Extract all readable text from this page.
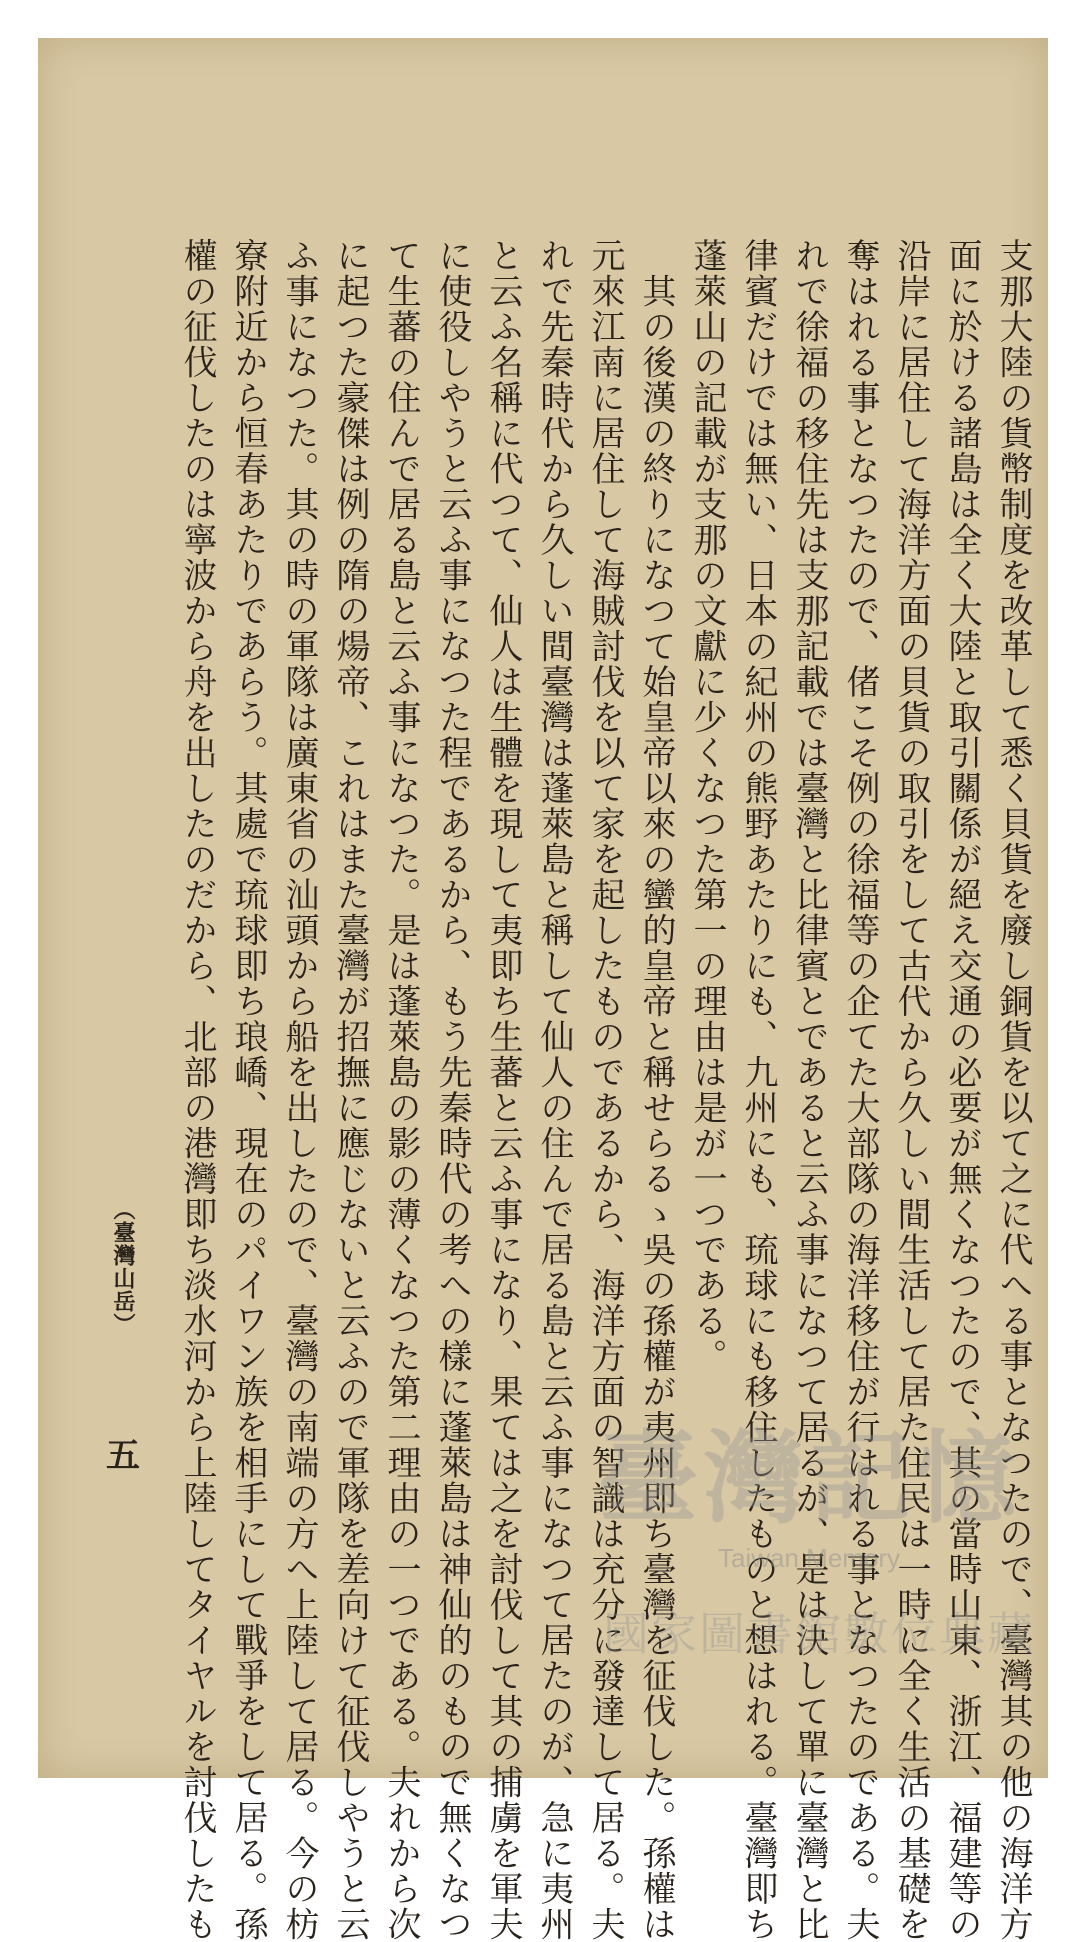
支那大陸の貨幣制度を改革して悉く貝貨を廢し銅貨を以て之に代へる事となつたので、臺灣其の他の海洋方
面に於ける諸島は全く大陸と取引關係が絕え交通の必要が無くなつたので、其の當時山東、浙江、福建等の
沿岸に居住して海洋方面の貝貨の取引をして古代から久しい間生活して居た住民は一時に全く生活の基礎を
奪はれる事となつたので、偖こそ例の徐福等の企てた大部隊の海洋移住が行はれる事となつたのである。夫
れで徐福の移住先は支那記載では臺灣と比律賓とであると云ふ事になつて居るが、是は決して單に臺灣と比
律賓だけでは無い、日本の紀州の熊野あたりにも、九州にも、琉球にも移住したものと想はれる。臺灣即ち
蓬萊山の記載が支那の文獻に少くなつた第一の理由は是が一つである。
　其の後漢の終りになつて始皇帝以來の蠻的皇帝と稱せらるゝ吳の孫權が夷州即ち臺灣を征伐した。孫權は
元來江南に居住して海賊討伐を以て家を起したものであるから、海洋方面の智識は充分に發達して居る。夫
れで先秦時代から久しい間臺灣は蓬萊島と稱して仙人の住んで居る島と云ふ事になつて居たのが、急に夷州
と云ふ名稱に代つて、仙人は生體を現して夷即ち生蕃と云ふ事になり、果ては之を討伐して其の捕虜を軍夫
に使役しやうと云ふ事になつた程であるから、もう先秦時代の考への樣に蓬萊島は神仙的のもので無くなつ
て生蕃の住んで居る島と云ふ事になつた。是は蓬萊島の影の薄くなつた第二理由の一つである。夫れから次
に起つた豪傑は例の隋の煬帝、これはまた臺灣が招撫に應じないと云ふので軍隊を差向けて征伐しやうと云
ふ事になつた。其の時の軍隊は廣東省の汕頭から船を出したので、臺灣の南端の方へ上陸して居る。今の枋
寮附近から恒春あたりであらう。其處で琉球即ち琅嶠、現在のパイワン族を相手にして戰爭をして居る。孫
權の征伐したのは寧波から舟を出したのだから、北部の港灣即ち淡水河から上陸してタイヤルを討伐したも
（臺灣山岳）
五	臺灣記憶
Taiwan Memory
國家圖書館數位典藏
